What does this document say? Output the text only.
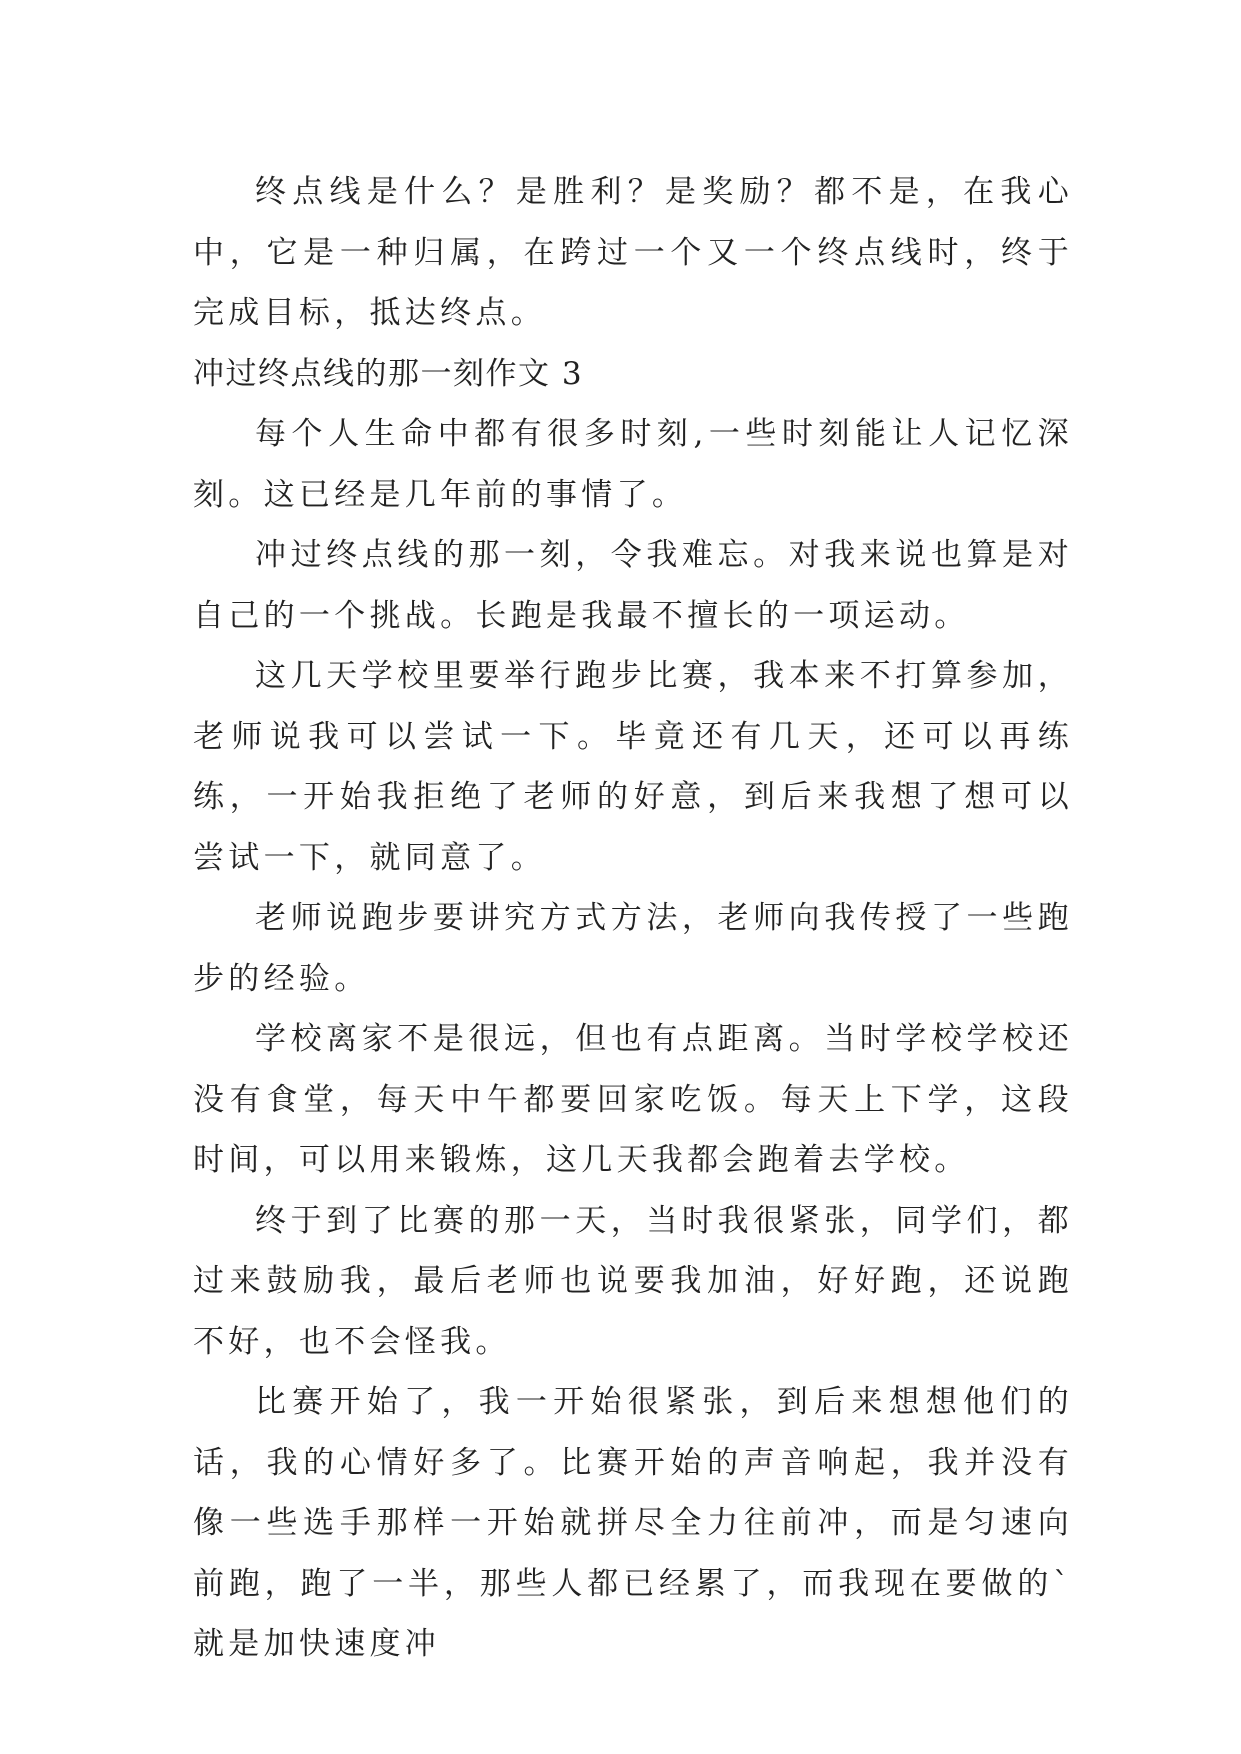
终点线是什么？是胜利？是奖励？都不是，在我心中，它是一种归属，在跨过一个又一个终点线时，终于完成目标，抵达终点。

冲过终点线的那一刻作文 3

每个人生命中都有很多时刻,一些时刻能让人记忆深刻。这已经是几年前的事情了。

冲过终点线的那一刻，令我难忘。对我来说也算是对自己的一个挑战。长跑是我最不擅长的一项运动。

这几天学校里要举行跑步比赛，我本来不打算参加，老师说我可以尝试一下。毕竟还有几天，还可以再练练，一开始我拒绝了老师的好意，到后来我想了想可以尝试一下，就同意了。

老师说跑步要讲究方式方法，老师向我传授了一些跑步的经验。

学校离家不是很远，但也有点距离。当时学校学校还没有食堂，每天中午都要回家吃饭。每天上下学，这段时间，可以用来锻炼，这几天我都会跑着去学校。

终于到了比赛的那一天，当时我很紧张，同学们，都过来鼓励我，最后老师也说要我加油，好好跑，还说跑不好，也不会怪我。

比赛开始了，我一开始很紧张，到后来想想他们的话，我的心情好多了。比赛开始的声音响起，我并没有像一些选手那样一开始就拼尽全力往前冲，而是匀速向前跑，跑了一半，那些人都已经累了，而我现在要做的`就是加快速度冲
